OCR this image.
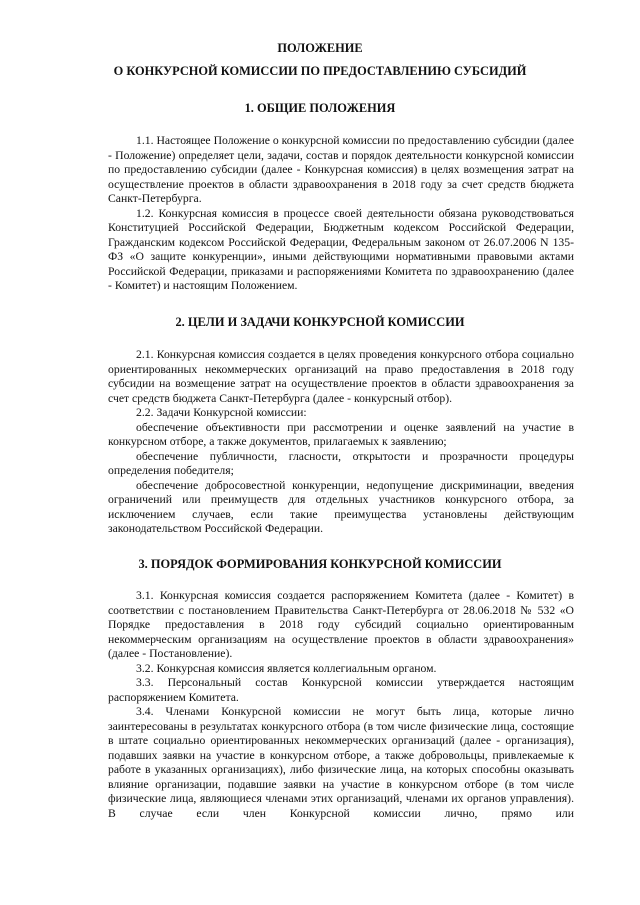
ПОЛОЖЕНИЕ
О КОНКУРСНОЙ КОМИССИИ ПО ПРЕДОСТАВЛЕНИЮ СУБСИДИЙ
1. ОБЩИЕ ПОЛОЖЕНИЯ

1.1. Настоящее Положение о конкурсной комиссии по предоставлению субсидии (далее - Положение) определяет цели, задачи, состав и порядок деятельности конкурсной комиссии по предоставлению субсидии (далее - Конкурсная комиссия) в целях возмещения затрат на осуществление проектов в области здравоохранения в 2018 году за счет средств бюджета Санкт-Петербурга.

1.2. Конкурсная комиссия в процессе своей деятельности обязана руководствоваться Конституцией Российской Федерации, Бюджетным кодексом Российской Федерации, Гражданским кодексом Российской Федерации, Федеральным законом от 26.07.2006 N 135-ФЗ «О защите конкуренции», иными действующими нормативными правовыми актами Российской Федерации, приказами и распоряжениями Комитета по здравоохранению (далее - Комитет) и настоящим Положением.

2. ЦЕЛИ И ЗАДАЧИ КОНКУРСНОЙ КОМИССИИ

2.1. Конкурсная комиссия создается в целях проведения конкурсного отбора социально ориентированных некоммерческих организаций на право предоставления в 2018 году субсидии на возмещение затрат на осуществление проектов в области здравоохранения за счет средств бюджета Санкт-Петербурга (далее - конкурсный отбор).

2.2. Задачи Конкурсной комиссии:

обеспечение объективности при рассмотрении и оценке заявлений на участие в конкурсном отборе, а также документов, прилагаемых к заявлению;

обеспечение публичности, гласности, открытости и прозрачности процедуры определения победителя;

обеспечение добросовестной конкуренции, недопущение дискриминации, введения ограничений или преимуществ для отдельных участников конкурсного отбора, за исключением случаев, если такие преимущества установлены действующим законодательством Российской Федерации.

3. ПОРЯДОК ФОРМИРОВАНИЯ КОНКУРСНОЙ КОМИССИИ

3.1. Конкурсная комиссия создается распоряжением Комитета (далее - Комитет) в соответствии с постановлением Правительства Санкт-Петербурга от 28.06.2018 № 532 «О Порядке предоставления в 2018 году субсидий социально ориентированным некоммерческим организациям на осуществление проектов в области здравоохранения» (далее - Постановление).

3.2. Конкурсная комиссия является коллегиальным органом.

3.3. Персональный состав Конкурсной комиссии утверждается настоящим распоряжением Комитета.

3.4. Членами Конкурсной комиссии не могут быть лица, которые лично заинтересованы в результатах конкурсного отбора (в том числе физические лица, состоящие в штате социально ориентированных некоммерческих организаций (далее - организация), подавших заявки на участие в конкурсном отборе, а также добровольцы, привлекаемые к работе в указанных организациях), либо физические лица, на которых способны оказывать влияние организации, подавшие заявки на участие в конкурсном отборе (в том числе физические лица, являющиеся членами этих организаций, членами их органов управления). В случае если член Конкурсной комиссии лично, прямо или
